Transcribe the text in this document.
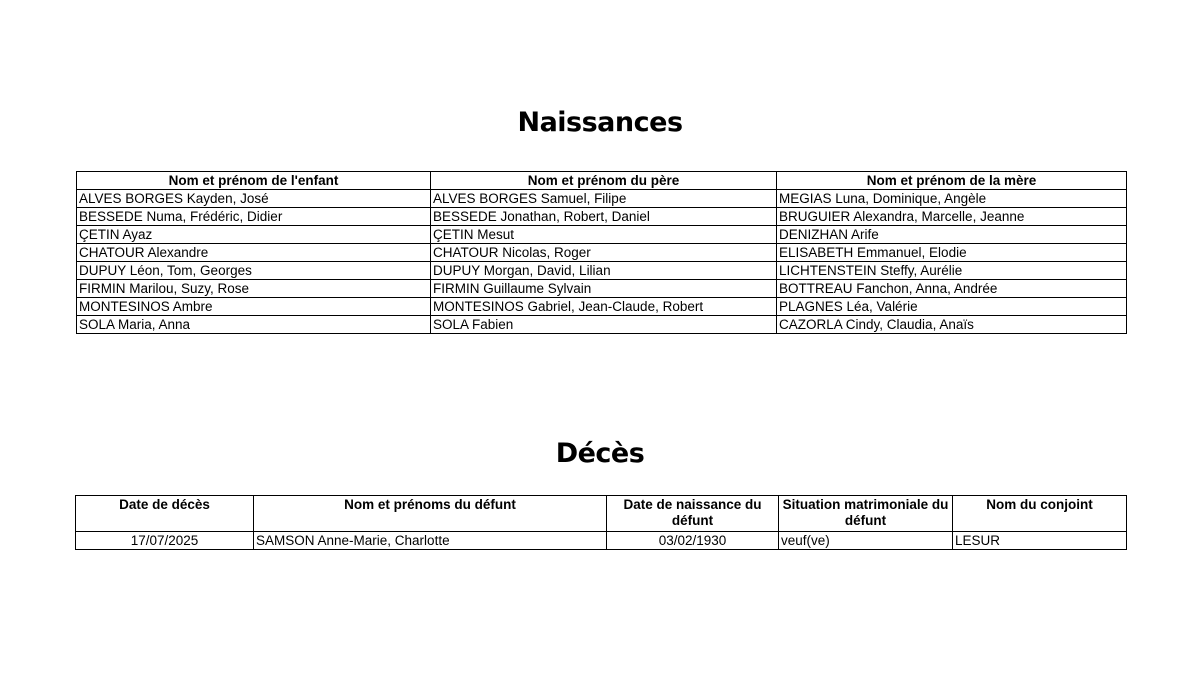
Naissances
Nom et prénom de l'enfant	Nom et prénom du père	Nom et prénom de la mère
ALVES BORGES Kayden, José	ALVES BORGES Samuel, Filipe	MEGIAS Luna, Dominique, Angèle
BESSEDE Numa, Frédéric, Didier	BESSEDE Jonathan, Robert, Daniel	BRUGUIER Alexandra, Marcelle, Jeanne
ÇETIN Ayaz	ÇETIN Mesut	DENIZHAN Arife
CHATOUR Alexandre	CHATOUR Nicolas, Roger	ELISABETH Emmanuel, Elodie
DUPUY Léon, Tom, Georges	DUPUY Morgan, David, Lilian	LICHTENSTEIN Steffy, Aurélie
FIRMIN Marilou, Suzy, Rose	FIRMIN Guillaume Sylvain	BOTTREAU Fanchon, Anna, Andrée
MONTESINOS Ambre	MONTESINOS Gabriel, Jean-Claude, Robert	PLAGNES Léa, Valérie
SOLA Maria, Anna	SOLA Fabien	CAZORLA Cindy, Claudia, Anaïs
Décès
Date de décès	Nom et prénoms du défunt	Date de naissance du défunt	Situation matrimoniale du défunt	Nom du conjoint
17/07/2025	SAMSON Anne-Marie, Charlotte	03/02/1930	veuf(ve)	LESUR
